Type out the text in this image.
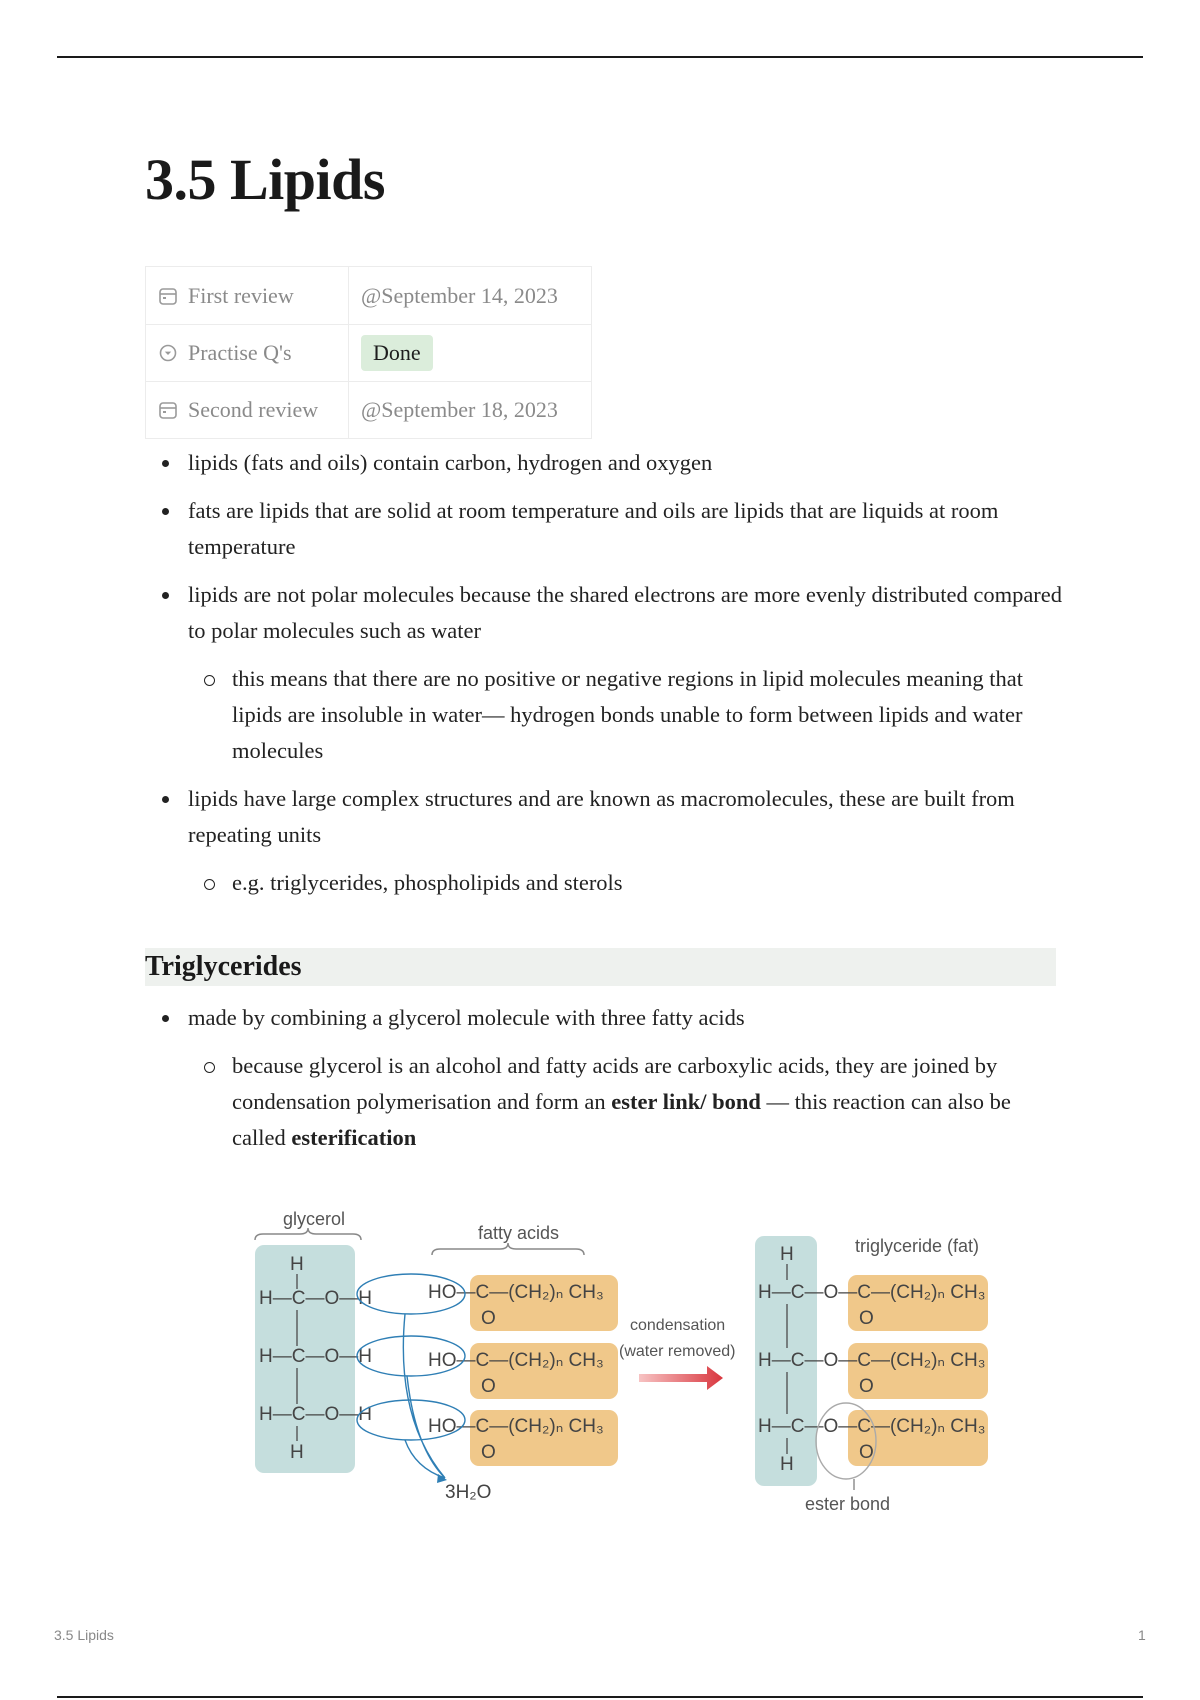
3.5 Lipids
First review	@September 14, 2023
Practise Q's	Done
Second review	@September 18, 2023
lipids (fats and oils) contain carbon, hydrogen and oxygen
fats are lipids that are solid at room temperature and oils are lipids that are liquids at room temperature
lipids are not polar molecules because the shared electrons are more evenly distributed compared to polar molecules such as water
this means that there are no positive or negative regions in lipid molecules meaning that lipids are insoluble in water— hydrogen bonds unable to form between lipids and water molecules
lipids have large complex structures and are known as macromolecules, these are built from repeating units
e.g. triglycerides, phospholipids and sterols
Triglycerides
made by combining a glycerol molecule with three fatty acids
because glycerol is an alcohol and fatty acids are carboxylic acids, they are joined by condensation polymerisation and form an ester link/ bond — this reaction can also be called esterification
glycerol
H
H—C—O—H
H—C—O—H
H—C—O—H
H
fatty acids
HO—C—(CH₂)ₙ CH₃
O
HO—C—(CH₂)ₙ CH₃
O
HO—C—(CH₂)ₙ CH₃
O
3H₂O
condensation
(water removed)
triglyceride (fat)
H
H—C—O—C—(CH₂)ₙ CH₃
O
H—C—O—C—(CH₂)ₙ CH₃
O
H—C—O—C—(CH₂)ₙ CH₃
O
H
ester bond
3.5 Lipids	1
